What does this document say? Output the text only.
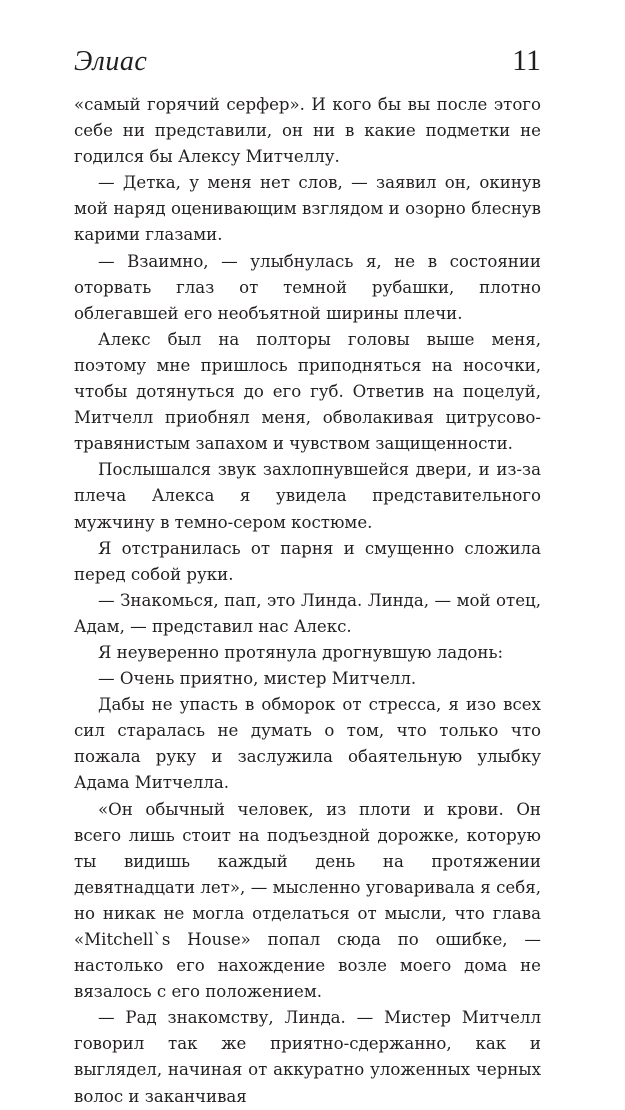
Элиас	11

«самый горячий серфер». И кого бы вы после этого себе ни представили, он ни в какие подметки не годился бы Алексу Митчеллу.

— Детка, у меня нет слов, — заявил он, окинув мой наряд оценивающим взглядом и озорно блеснув карими глазами.

— Взаимно, — улыбнулась я, не в состоянии оторвать глаз от темной рубашки, плотно облегавшей его необъятной ширины плечи.

Алекс был на полторы головы выше меня, поэтому мне пришлось приподняться на носочки, чтобы дотянуться до его губ. Ответив на поцелуй, Митчелл приобнял меня, обволакивая цитрусово-травянистым запахом и чувством защищенности.

Послышался звук захлопнувшейся двери, и из-за плеча Алекса я увидела представительного мужчину в темно-сером костюме.

Я отстранилась от парня и смущенно сложила перед собой руки.

— Знакомься, пап, это Линда. Линда, — мой отец, Адам, — представил нас Алекс.

Я неуверенно протянула дрогнувшую ладонь:

— Очень приятно, мистер Митчелл.

Дабы не упасть в обморок от стресса, я изо всех сил старалась не думать о том, что только что пожала руку и заслужила обаятельную улыбку Адама Митчелла.

«Он обычный человек, из плоти и крови. Он всего лишь стоит на подъездной дорожке, которую ты видишь каждый день на протяжении девятнадцати лет», — мысленно уговаривала я себя, но никак не могла отделаться от мысли, что глава «Mitchell`s House» попал сюда по ошибке, — настолько его нахождение возле моего дома не вязалось с его положением.

— Рад знакомству, Линда. — Мистер Митчелл говорил так же приятно-сдержанно, как и выглядел, начиная от аккуратно уложенных черных волос и заканчивая
